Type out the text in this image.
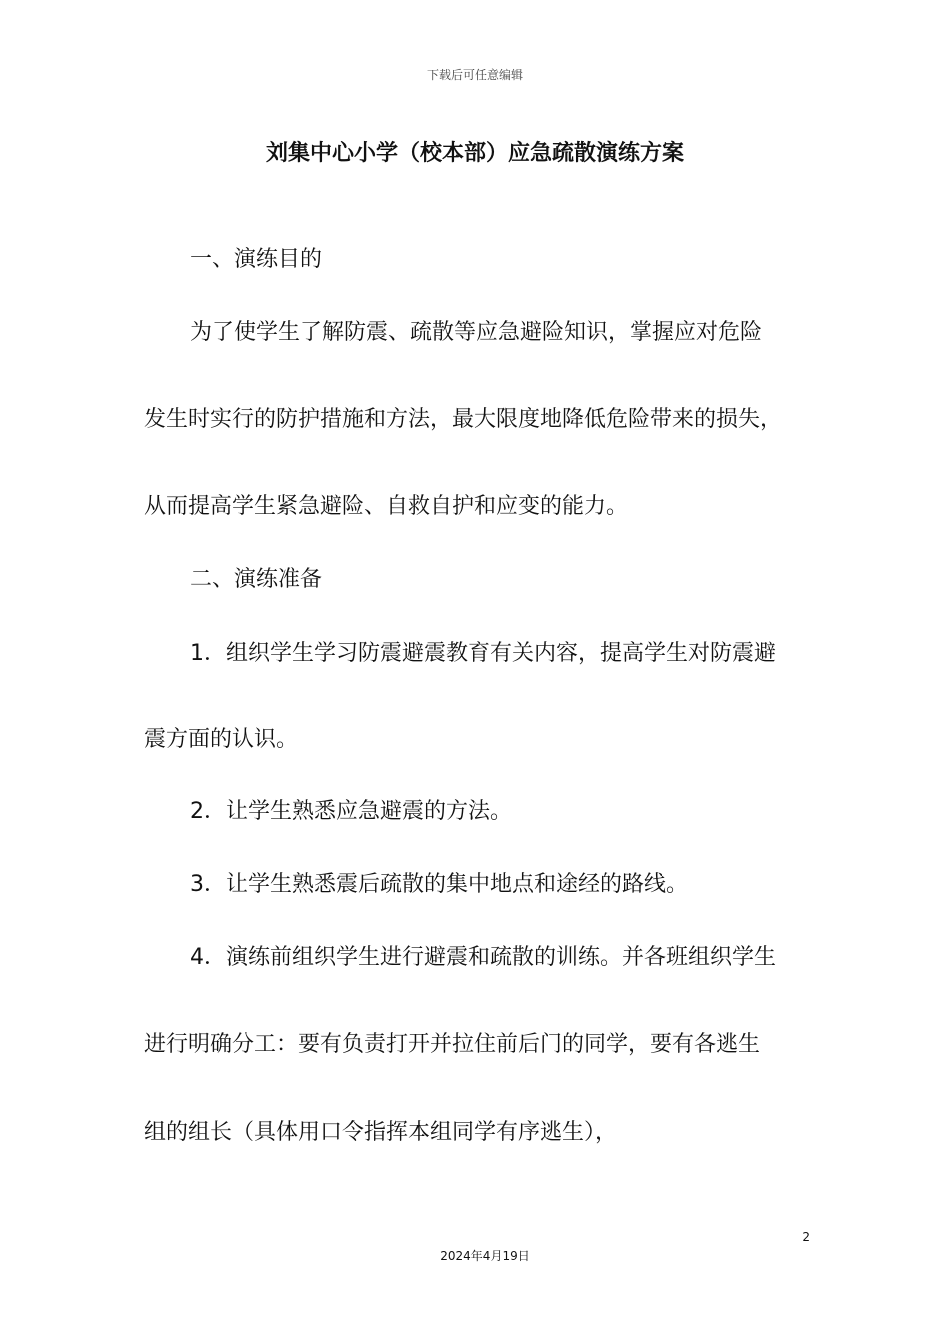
下载后可任意编辑
刘集中心小学（校本部）应急疏散演练方案
一、演练目的
为了使学生了解防震、疏散等应急避险知识，掌握应对危险
发生时实行的防护措施和方法，最大限度地降低危险带来的损失，
从而提高学生紧急避险、自救自护和应变的能力。
二、演练准备
1．组织学生学习防震避震教育有关内容，提高学生对防震避
震方面的认识。
2．让学生熟悉应急避震的方法。
3．让学生熟悉震后疏散的集中地点和途经的路线。
4．演练前组织学生进行避震和疏散的训练。并各班组织学生
进行明确分工：要有负责打开并拉住前后门的同学，要有各逃生
组的组长（具体用口令指挥本组同学有序逃生），
2
2024年4月19日
